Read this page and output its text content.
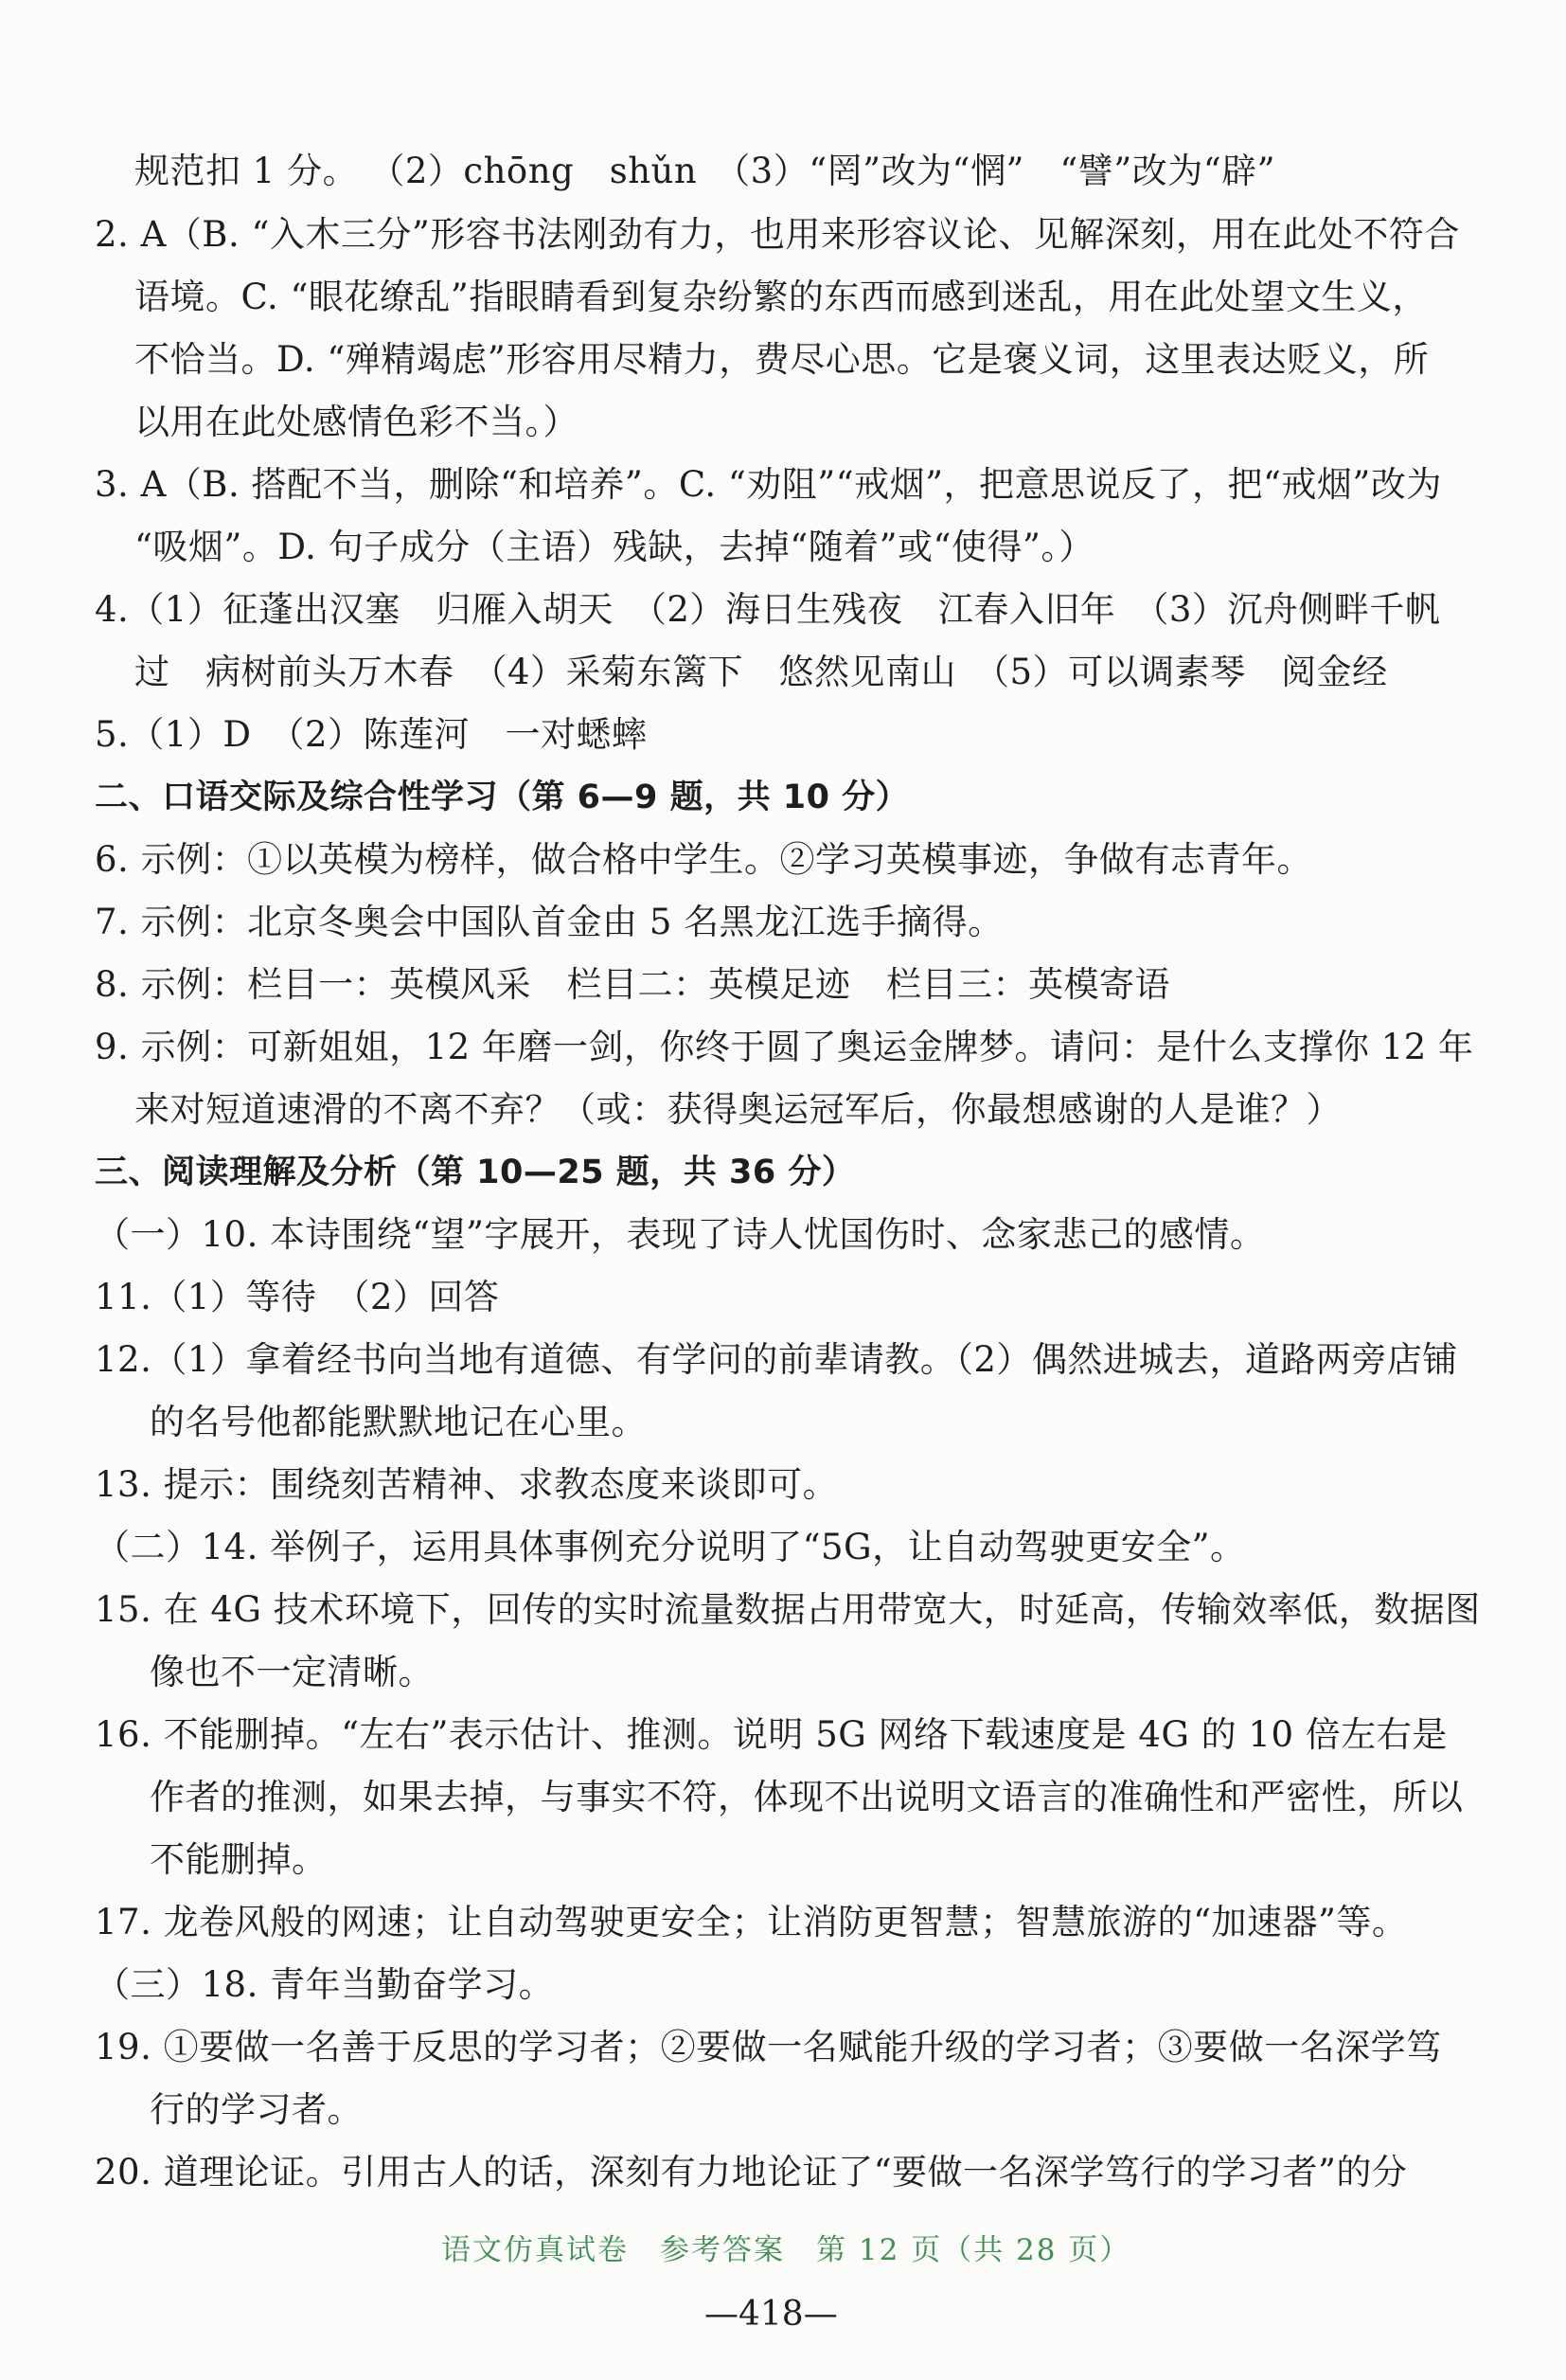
规范扣 1 分。 （2）chōng　shǔn　（3）“罔”改为“惘”　“譬”改为“辟”
2. A（B. “入木三分”形容书法刚劲有力，也用来形容议论、见解深刻，用在此处不符合
语境。C. “眼花缭乱”指眼睛看到复杂纷繁的东西而感到迷乱，用在此处望文生义，
不恰当。D. “殚精竭虑”形容用尽精力，费尽心思。它是褒义词，这里表达贬义，所
以用在此处感情色彩不当。）
3. A（B. 搭配不当，删除“和培养”。C. “劝阻”“戒烟”，把意思说反了，把“戒烟”改为
“吸烟”。D. 句子成分（主语）残缺，去掉“随着”或“使得”。）
4.（1）征蓬出汉塞　归雁入胡天　（2）海日生残夜　江春入旧年　（3）沉舟侧畔千帆
过　病树前头万木春　（4）采菊东篱下　悠然见南山　（5）可以调素琴　阅金经
5.（1）D　（2）陈莲河　一对蟋蟀
二、口语交际及综合性学习（第 6—9 题，共 10 分）
6. 示例：①以英模为榜样，做合格中学生。②学习英模事迹，争做有志青年。
7. 示例：北京冬奥会中国队首金由 5 名黑龙江选手摘得。
8. 示例：栏目一：英模风采　栏目二：英模足迹　栏目三：英模寄语
9. 示例：可新姐姐，12 年磨一剑，你终于圆了奥运金牌梦。请问：是什么支撑你 12 年
来对短道速滑的不离不弃？（或：获得奥运冠军后，你最想感谢的人是谁？）
三、阅读理解及分析（第 10—25 题，共 36 分）
（一）10. 本诗围绕“望”字展开，表现了诗人忧国伤时、念家悲己的感情。
11.（1）等待　（2）回答
12.（1）拿着经书向当地有道德、有学问的前辈请教。（2）偶然进城去，道路两旁店铺
的名号他都能默默地记在心里。
13. 提示：围绕刻苦精神、求教态度来谈即可。
（二）14. 举例子，运用具体事例充分说明了“5G，让自动驾驶更安全”。
15. 在 4G 技术环境下，回传的实时流量数据占用带宽大，时延高，传输效率低，数据图
像也不一定清晰。
16. 不能删掉。“左右”表示估计、推测。说明 5G 网络下载速度是 4G 的 10 倍左右是
作者的推测，如果去掉，与事实不符，体现不出说明文语言的准确性和严密性，所以
不能删掉。
17. 龙卷风般的网速；让自动驾驶更安全；让消防更智慧；智慧旅游的“加速器”等。
（三）18. 青年当勤奋学习。
19. ①要做一名善于反思的学习者；②要做一名赋能升级的学习者；③要做一名深学笃
行的学习者。
20. 道理论证。引用古人的话，深刻有力地论证了“要做一名深学笃行的学习者”的分
语文仿真试卷　参考答案　第 12 页（共 28 页）
—418—
